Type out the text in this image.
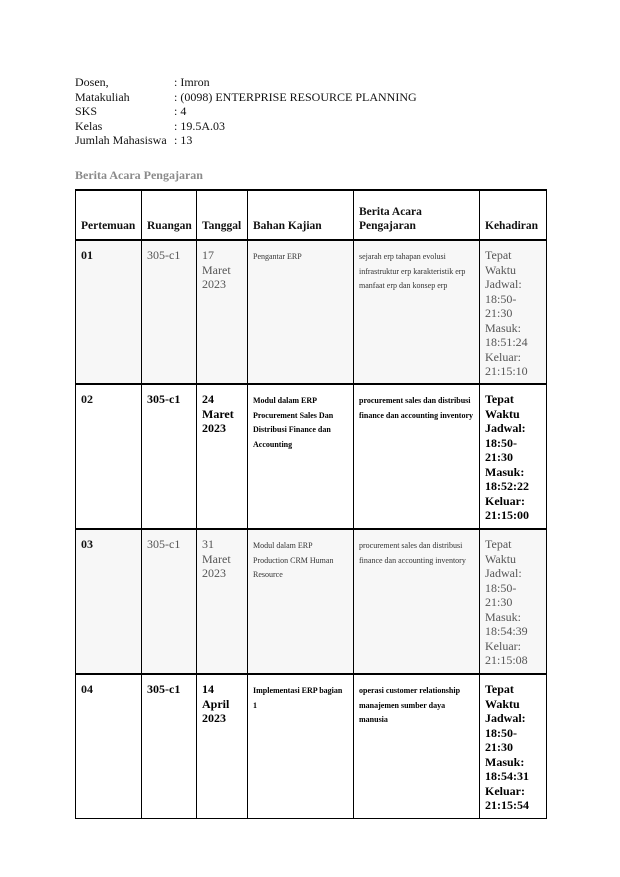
Dosen,	: Imron
Matakuliah	: (0098) ENTERPRISE RESOURCE PLANNING
SKS	: 4
Kelas	: 19.5A.03
Jumlah Mahasiswa : 13
Berita Acara Pengajaran
Pertemuan	Ruangan	Tanggal	Bahan Kajian	Berita Acara Pengajaran	Kehadiran
01	305-c1	17 Maret 2023	Pengantar ERP	sejarah erp tahapan evolusi infrastruktur erp karakteristik erp manfaat erp dan konsep erp	Tepat Waktu Jadwal: 18:50-21:30 Masuk: 18:51:24 Keluar: 21:15:10
02	305-c1	24 Maret 2023	Modul dalam ERP Procurement Sales Dan Distribusi Finance dan Accounting	procurement sales dan distribusi finance dan accounting inventory	Tepat Waktu Jadwal: 18:50-21:30 Masuk: 18:52:22 Keluar: 21:15:00
03	305-c1	31 Maret 2023	Modul dalam ERP Production CRM Human Resource	procurement sales dan distribusi finance dan accounting inventory	Tepat Waktu Jadwal: 18:50-21:30 Masuk: 18:54:39 Keluar: 21:15:08
04	305-c1	14 April 2023	Implementasi ERP bagian 1	operasi customer relationship manajemen sumber daya manusia	Tepat Waktu Jadwal: 18:50-21:30 Masuk: 18:54:31 Keluar: 21:15:54
